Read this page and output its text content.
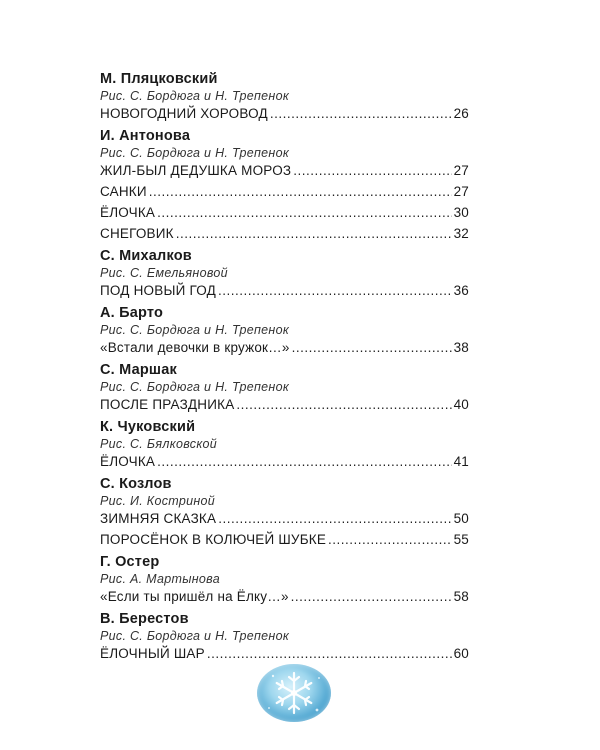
М. Пляцковский
Рис. С. Бордюга и Н. Трепенок
НОВОГОДНИЙ ХОРОВОД .....	26
И. Антонова
Рис. С. Бордюга и Н. Трепенок
ЖИЛ-БЫЛ ДЕДУШКА МОРОЗ .....	27
САНКИ .....	27
ЁЛОЧКА .....	30
СНЕГОВИК .....	32
С. Михалков
Рис. С. Емельяновой
ПОД НОВЫЙ ГОД .....	36
А. Барто
Рис. С. Бордюга и Н. Трепенок
«Встали девочки в кружок…» .....	38
С. Маршак
Рис. С. Бордюга и Н. Трепенок
ПОСЛЕ ПРАЗДНИКА .....	40
К. Чуковский
Рис. С. Бялковской
ЁЛОЧКА .....	41
С. Козлов
Рис. И. Костриной
ЗИМНЯЯ СКАЗКА .....	50
ПОРОСЁНОК В КОЛЮЧЕЙ ШУБКЕ .....	55
Г. Остер
Рис. А. Мартынова
«Если ты пришёл на Ёлку…» .....	58
В. Берестов
Рис. С. Бордюга и Н. Трепенок
ЁЛОЧНЫЙ ШАР .....	60
